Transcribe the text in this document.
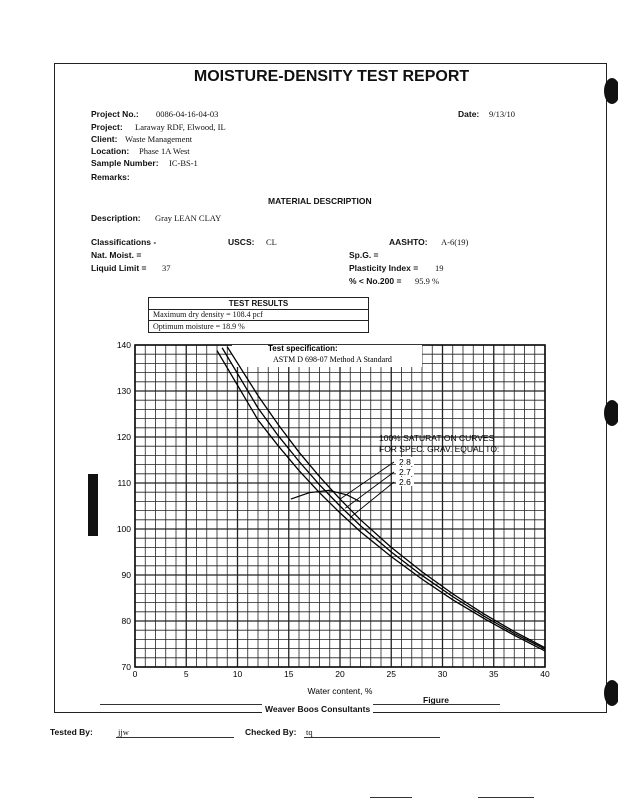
MOISTURE-DENSITY TEST REPORT
Project No.: 0086-04-16-04-03	Date: 9/13/10
Project: Laraway RDF, Elwood, IL
Client: Waste Management
Location: Phase 1A West
Sample Number: IC-BS-1
Remarks:
MATERIAL DESCRIPTION
Description: Gray LEAN CLAY
Classifications -	USCS: CL	AASHTO: A-6(19)
Nat. Moist. =	Sp.G. =
Liquid Limit = 37	Plasticity Index = 19
% < No.200 = 95.9 %
Figure
TEST RESULTS
Maximum dry density = 108.4 pcf
Optimum moisture = 18.9 %
0	5	10	15	20	25	30	35	40
70
80
90
100
110
120
130
140
Water content, %
Test specification:
ASTM D 698-07 Method A Standard
100% SATURATION CURVES
FOR SPEC. GRAV. EQUAL TO:
2.8
2.7
2.6
Weaver Boos Consultants
Tested By:	jjw	Checked By: tq
